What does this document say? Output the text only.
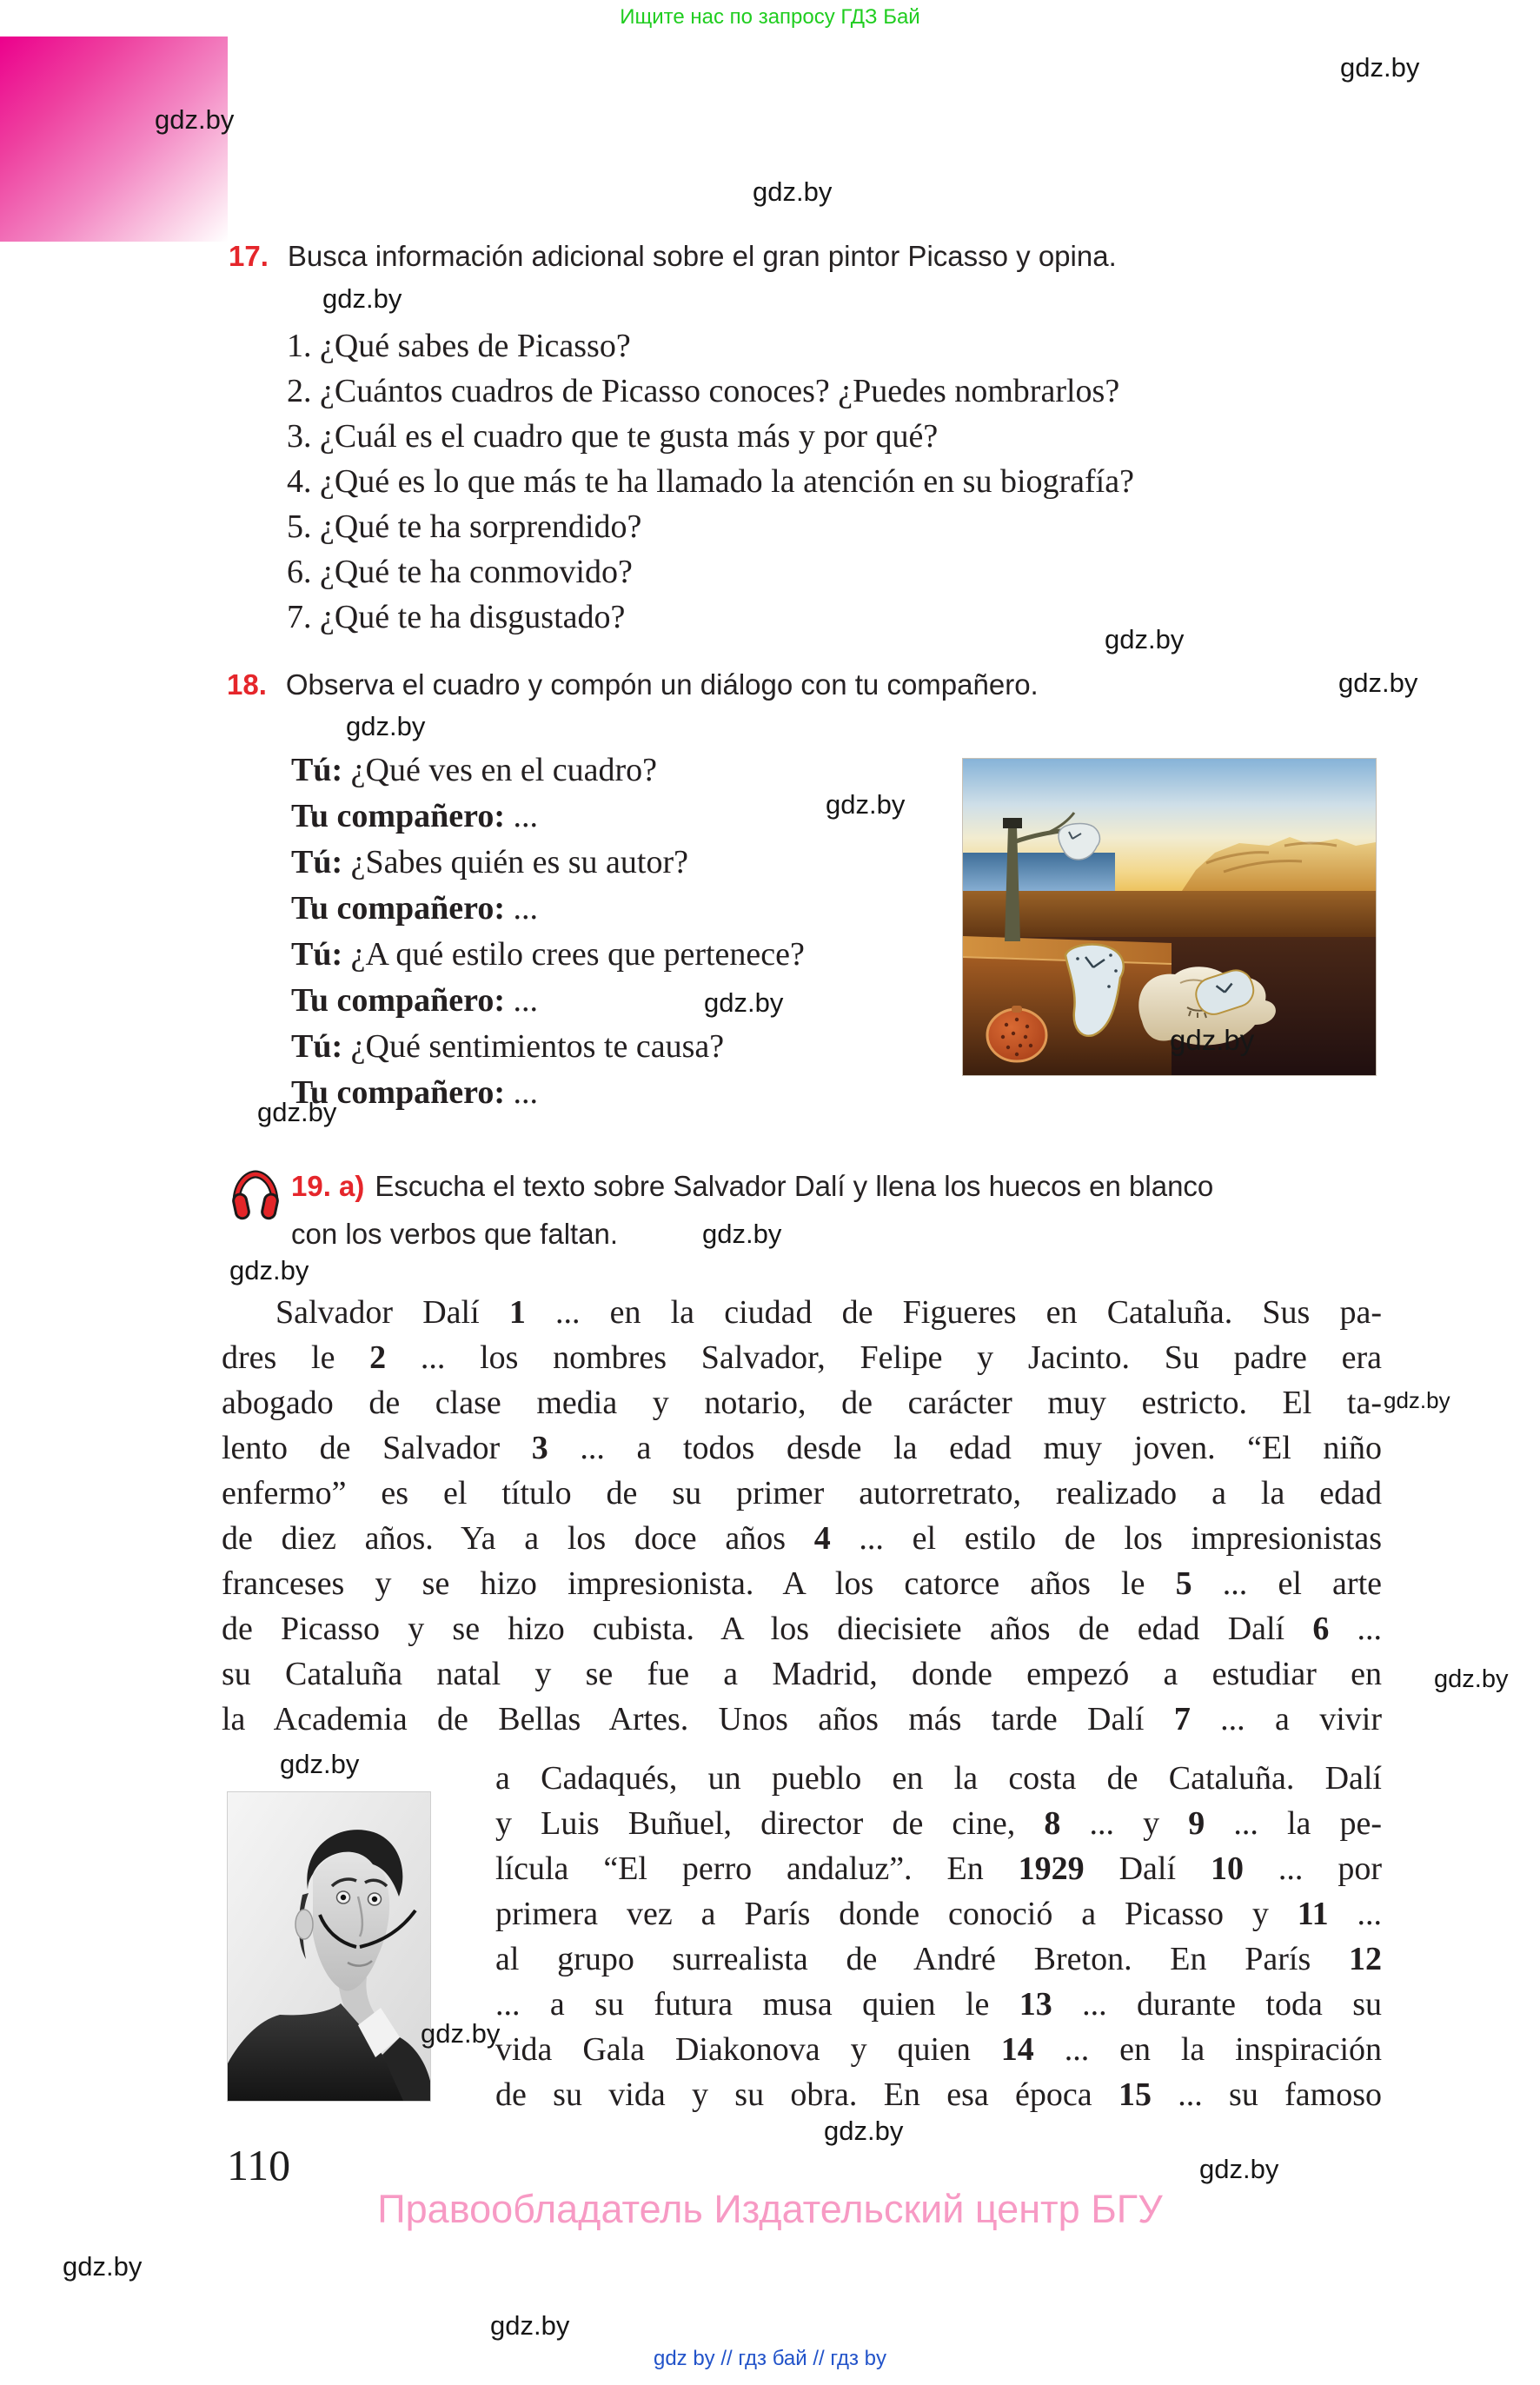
Ищите нас по запросу ГДЗ Бай
gdz.by
gdz.by
gdz.by
gdz.by
gdz.by
gdz.by
gdz.by
gdz.by
gdz.by
gdz.by
gdz.by
gdz.by
gdz.by
gdz.by
gdz.by
gdz.by
gdz.by
gdz.by
gdz.by
gdz.by
gdz.by
17. Busca información adicional sobre el gran pintor Picasso y opina.
1. ¿Qué sabes de Picasso?
2. ¿Cuántos cuadros de Picasso conoces? ¿Puedes nombrarlos?
3. ¿Cuál es el cuadro que te gusta más y por qué?
4. ¿Qué es lo que más te ha llamado la atención en su biografía?
5. ¿Qué te ha sorprendido?
6. ¿Qué te ha conmovido?
7. ¿Qué te ha disgustado?
18. Observa el cuadro y compón un diálogo con tu compañero.
Tú: ¿Qué ves en el cuadro?
Tu compañero: ...
Tú: ¿Sabes quién es su autor?
Tu compañero: ...
Tú: ¿A qué estilo crees que pertenece?
Tu compañero: ...
Tú: ¿Qué sentimientos te causa?
Tu compañero: ...
19. a) Escucha el texto sobre Salvador Dalí y llena los huecos en blanco
con los verbos que faltan.
Salvador Dalí 1 ... en la ciudad de Figueres en Cataluña. Sus pa-
dres le 2 ... los nombres Salvador, Felipe y Jacinto. Su padre era
abogado de clase media y notario, de carácter muy estricto. El ta-
lento de Salvador 3 ... a todos desde la edad muy joven. “El niño
enfermo” es el título de su primer autorretrato, realizado a la edad
de diez años. Ya a los doce años 4 ... el estilo de los impresionistas
franceses y se hizo impresionista. A los catorce años le 5 ... el arte
de Picasso y se hizo cubista. A los diecisiete años de edad Dalí 6 ...
su Cataluña natal y se fue a Madrid, donde empezó a estudiar en
la Academia de Bellas Artes. Unos años más tarde Dalí 7 ... a vivir
a Cadaqués, un pueblo en la costa de Cataluña. Dalí
y Luis Buñuel, director de cine, 8 ... y 9 ... la pe-
lícula “El perro andaluz”. En 1929 Dalí 10 ... por
primera vez a París donde conoció a Picasso y 11 ...
al grupo surrealista de André Breton. En París 12
... a su futura musa quien le 13 ... durante toda su
vida Gala Diakonova y quien 14 ... en la inspiración
de su vida y su obra. En esa época 15 ... su famoso
110
Правообладатель Издательский центр БГУ
gdz by // гдз бай // гдз by
